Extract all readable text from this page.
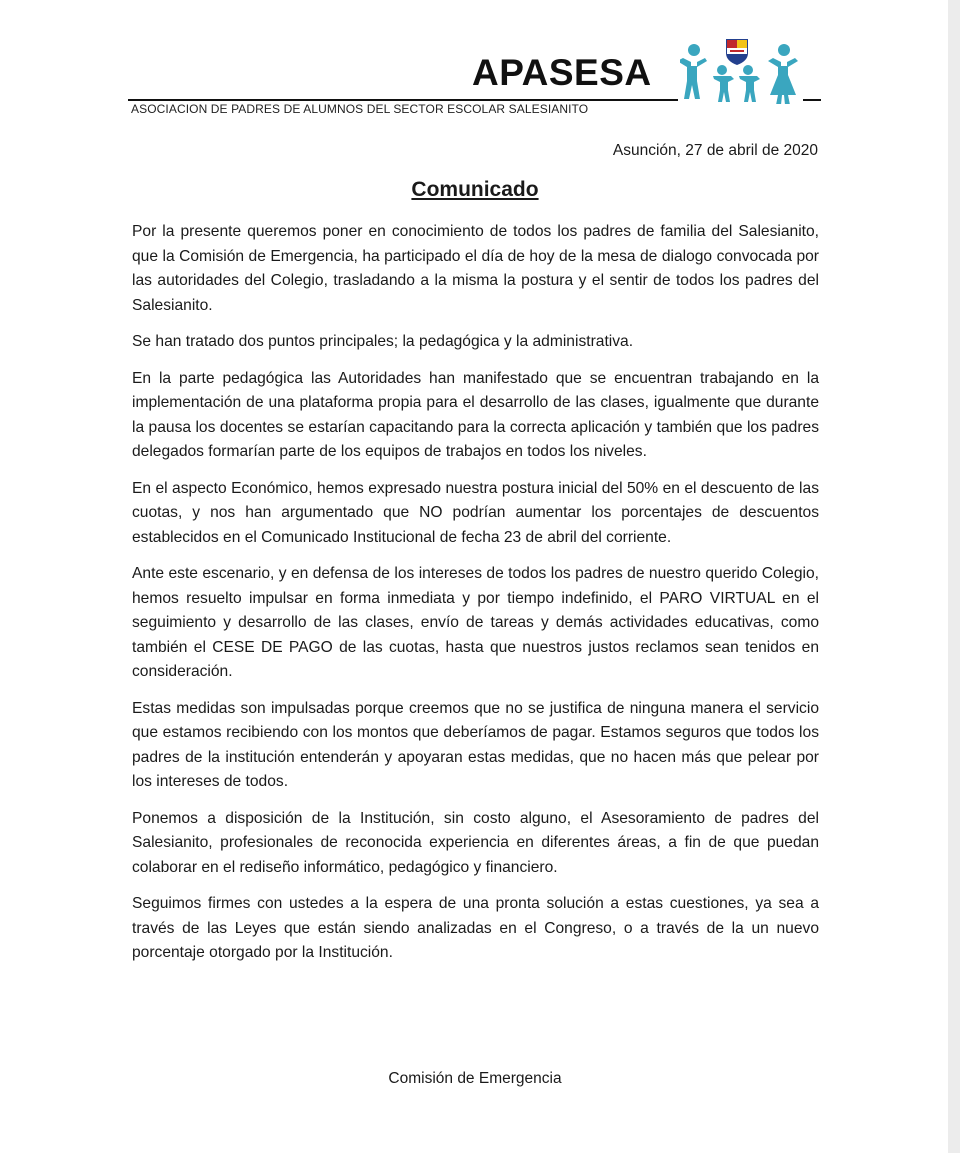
APASESA
ASOCIACION DE PADRES DE ALUMNOS DEL SECTOR ESCOLAR SALESIANITO
Asunción, 27 de abril de 2020
Comunicado

Por la presente queremos poner en conocimiento de todos los padres de familia del Salesianito, que la Comisión de Emergencia, ha participado el día de hoy de la mesa de dialogo convocada por las autoridades del Colegio, trasladando a la misma la postura y el sentir de todos los padres del Salesianito.

Se han tratado dos puntos principales; la pedagógica y la administrativa.

En la parte pedagógica las Autoridades han manifestado que se encuentran trabajando en la implementación de una plataforma propia para el desarrollo de las clases, igualmente que durante la pausa los docentes se estarían capacitando para la correcta aplicación y también que los padres delegados formarían parte de los equipos de trabajos en todos los niveles.

En el aspecto Económico, hemos expresado nuestra postura inicial del 50% en el descuento de las cuotas, y nos han argumentado que NO podrían aumentar los porcentajes de descuentos establecidos en el Comunicado Institucional de fecha 23 de abril del corriente.

Ante este escenario, y en defensa de los intereses de todos los padres de nuestro querido Colegio, hemos resuelto impulsar en forma inmediata y por tiempo indefinido, el PARO VIRTUAL en el seguimiento y desarrollo de las clases, envío de tareas y demás actividades educativas, como también el CESE DE PAGO de las cuotas, hasta que nuestros justos reclamos sean tenidos en consideración.

Estas medidas son impulsadas porque creemos que no se justifica de ninguna manera el servicio que estamos recibiendo con los montos que deberíamos de pagar. Estamos seguros que todos los padres de la institución entenderán y apoyaran estas medidas, que no hacen más que pelear por los intereses de todos.

Ponemos a disposición de la Institución, sin costo alguno, el Asesoramiento de padres del Salesianito, profesionales de reconocida experiencia en diferentes áreas, a fin de que puedan colaborar en el rediseño informático, pedagógico y financiero.

Seguimos firmes con ustedes a la espera de una pronta solución a estas cuestiones, ya sea a través de las Leyes que están siendo analizadas en el Congreso, o a través de la un nuevo porcentaje otorgado por la Institución.

Comisión de Emergencia
